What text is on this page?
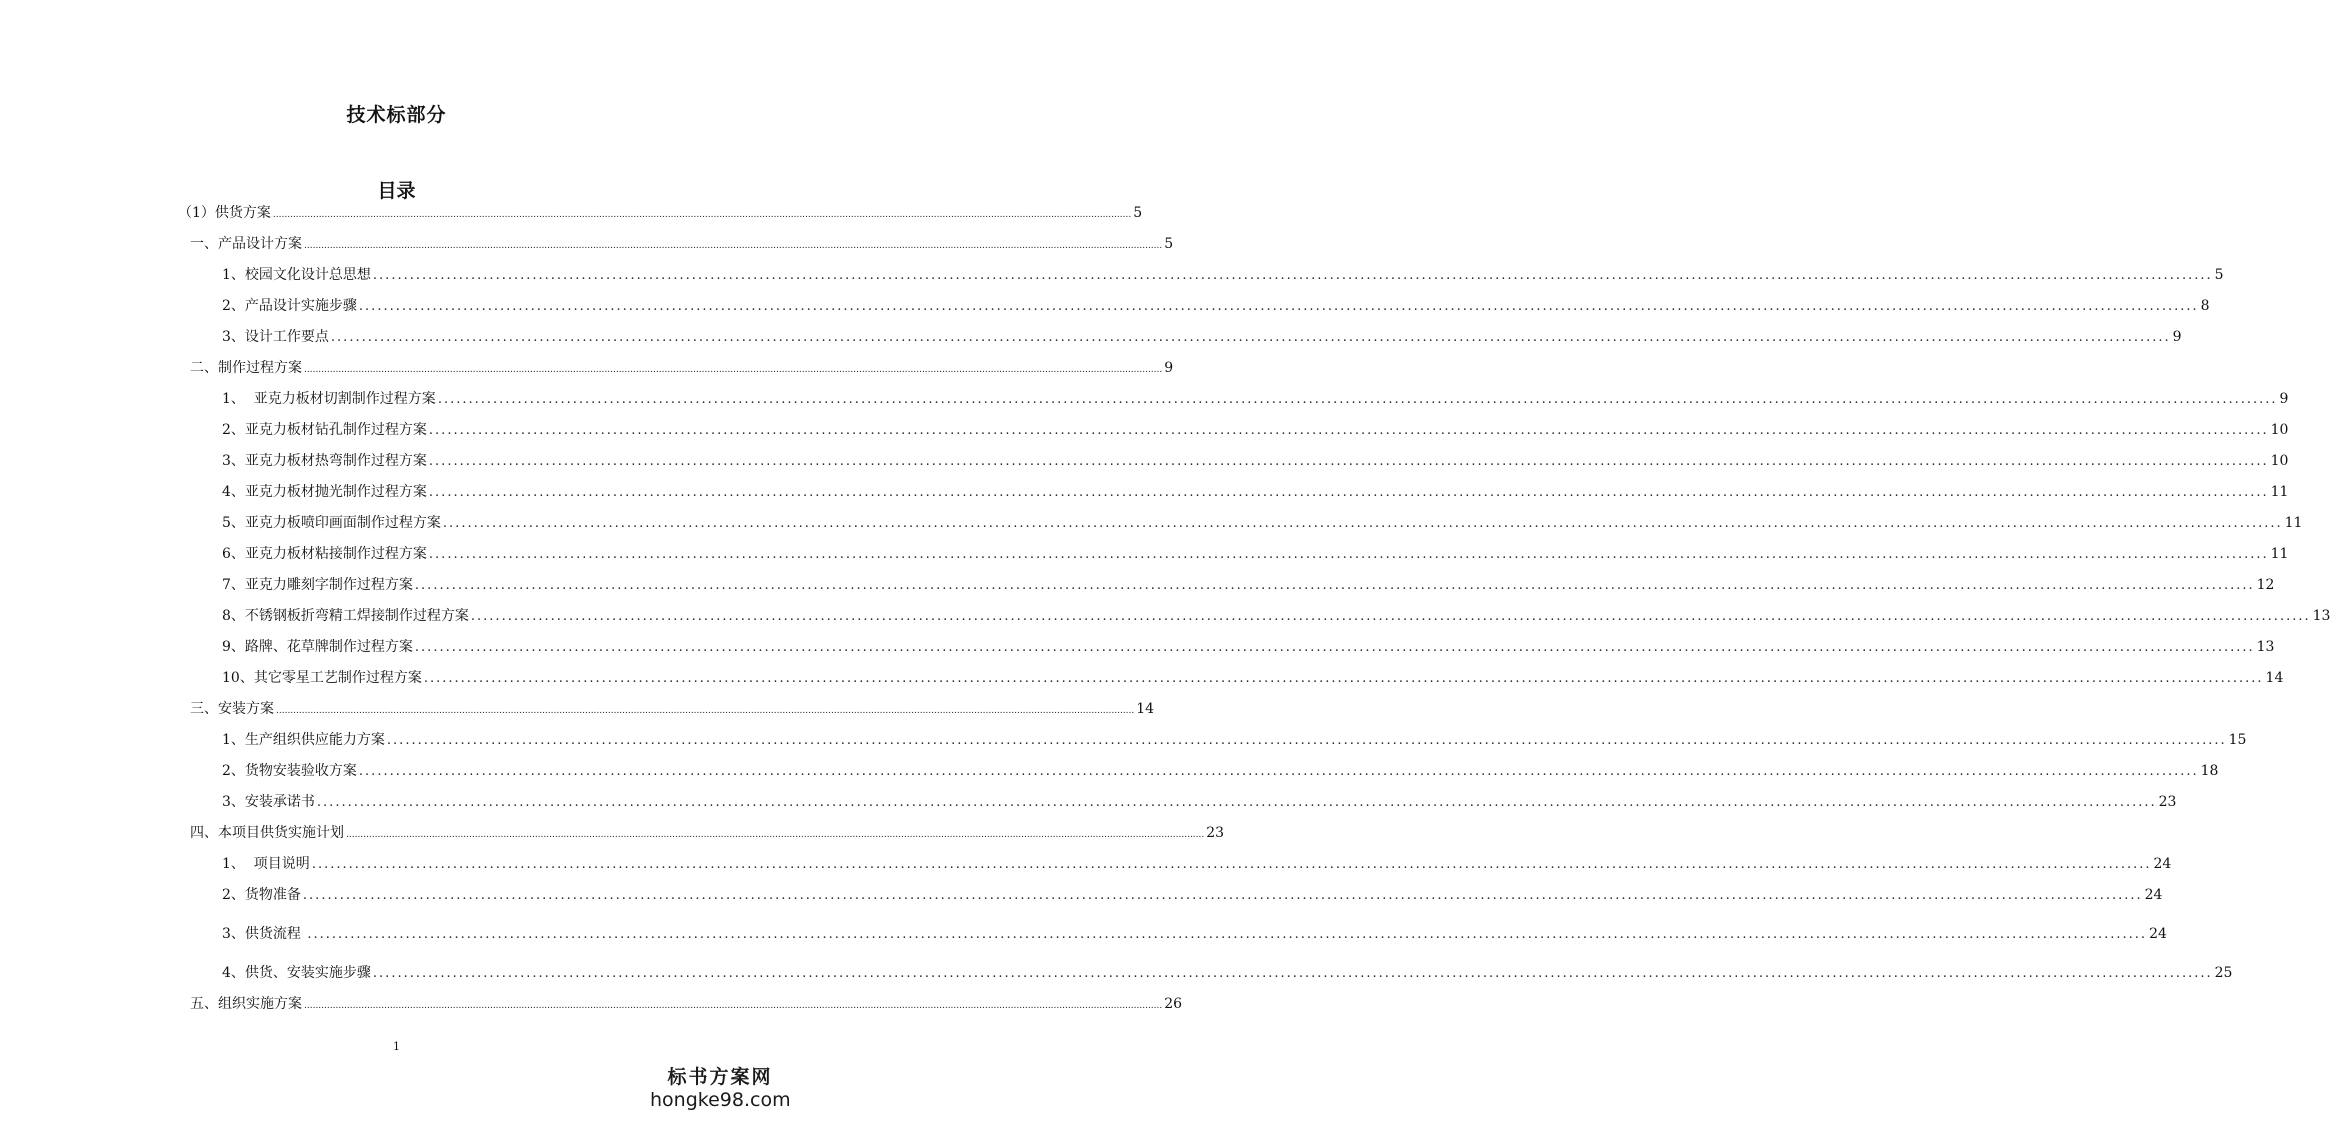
技术标部分
目录
（1）供货方案 ............................................................................................................................................................................................................................................................................................................ 5
一、产品设计方案 ............................................................................................................................................................................................................................................................................................................ 5
1、校园文化设计总思想 ............................................................................................................................................................................................................................................................................................................ 5
2、产品设计实施步骤 ............................................................................................................................................................................................................................................................................................................ 8
3、设计工作要点 ............................................................................................................................................................................................................................................................................................................ 9
二、制作过程方案 ............................................................................................................................................................................................................................................................................................................ 9
1、  亚克力板材切割制作过程方案 ............................................................................................................................................................................................................................................................................................................ 9
2、亚克力板材钻孔制作过程方案 ............................................................................................................................................................................................................................................................................................................ 10
3、亚克力板材热弯制作过程方案 ............................................................................................................................................................................................................................................................................................................ 10
4、亚克力板材抛光制作过程方案 ............................................................................................................................................................................................................................................................................................................ 11
5、亚克力板喷印画面制作过程方案 ............................................................................................................................................................................................................................................................................................................ 11
6、亚克力板材粘接制作过程方案 ............................................................................................................................................................................................................................................................................................................ 11
7、亚克力雕刻字制作过程方案 ............................................................................................................................................................................................................................................................................................................ 12
8、不锈钢板折弯精工焊接制作过程方案 ............................................................................................................................................................................................................................................................................................................ 13
9、路牌、花草牌制作过程方案 ............................................................................................................................................................................................................................................................................................................ 13
10、其它零星工艺制作过程方案 ............................................................................................................................................................................................................................................................................................................ 14
三、安装方案 ............................................................................................................................................................................................................................................................................................................ 14
1、生产组织供应能力方案 ............................................................................................................................................................................................................................................................................................................ 15
2、货物安装验收方案 ............................................................................................................................................................................................................................................................................................................ 18
3、安装承诺书 ............................................................................................................................................................................................................................................................................................................ 23
四、本项目供货实施计划 ............................................................................................................................................................................................................................................................................................................ 23
1、  项目说明 ............................................................................................................................................................................................................................................................................................................ 24
2、货物准备 ............................................................................................................................................................................................................................................................................................................ 24
3、供货流程 ............................................................................................................................................................................................................................................................................................................ 24
4、供货、安装实施步骤 ............................................................................................................................................................................................................................................................................................................ 25
五、组织实施方案 ............................................................................................................................................................................................................................................................................................................ 26
1
标书方案网
hongke98.com
